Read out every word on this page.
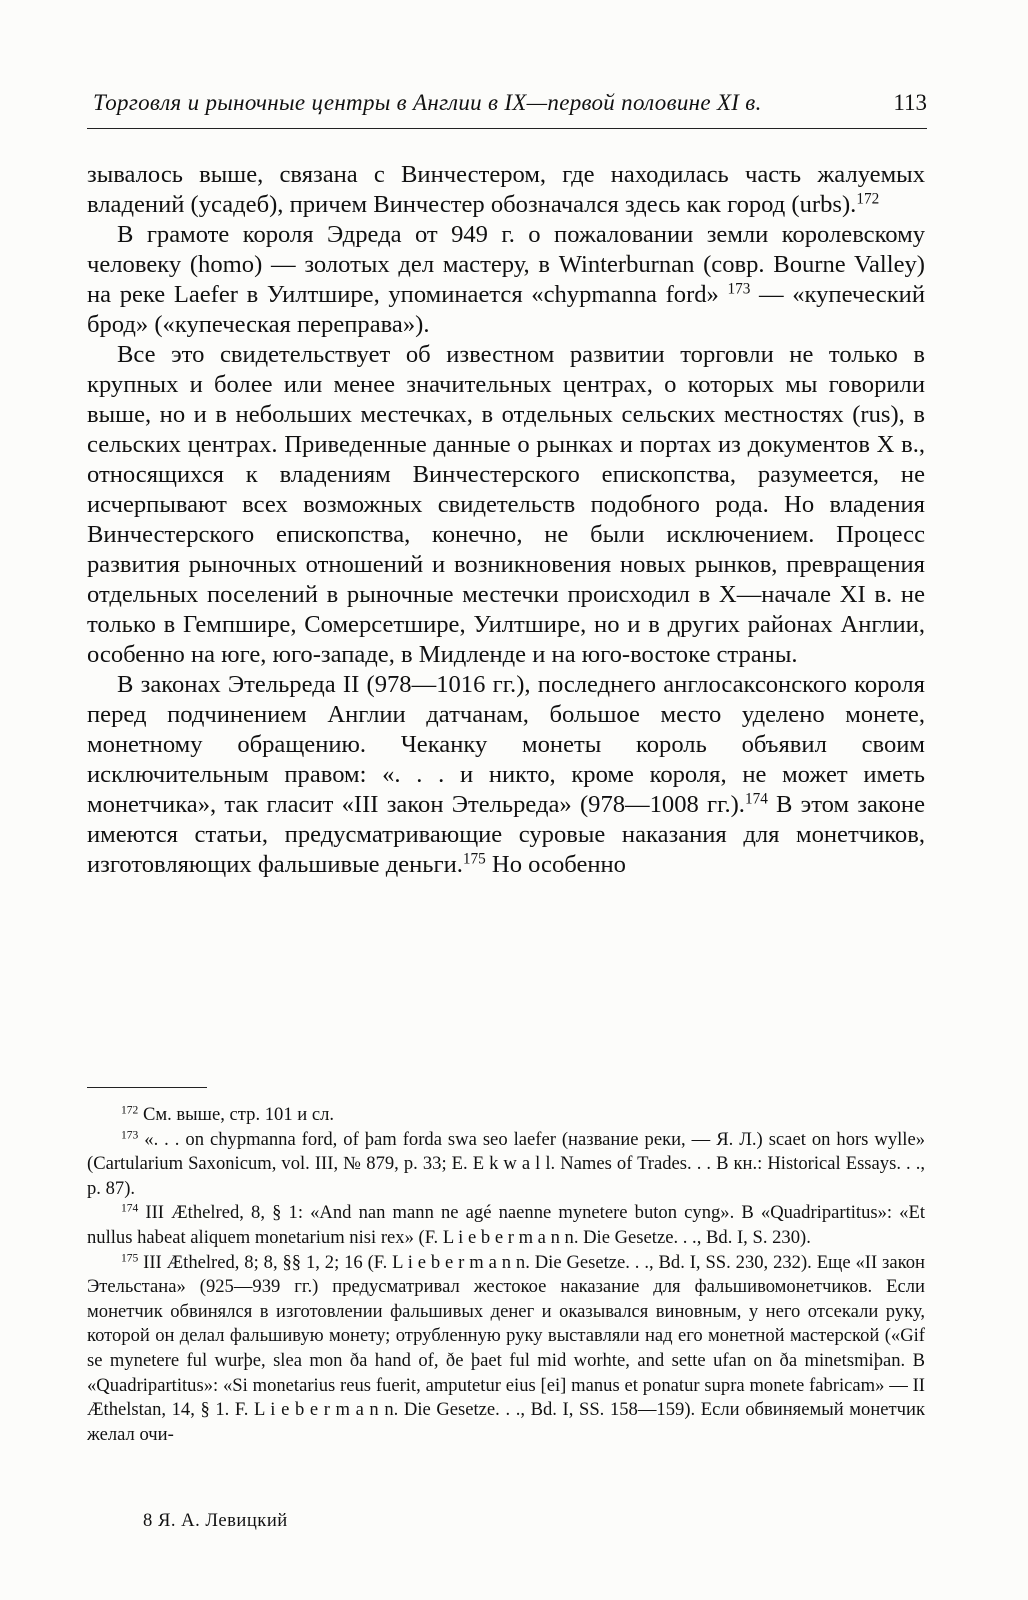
Торговля и рыночные центры в Англии в IX—первой половине XI в.	113

зывалось выше, связана с Винчестером, где находилась часть жалуемых владений (усадеб), причем Винчестер обозначался здесь как город (urbs).$^{172}$

В грамоте короля Эдреда от 949 г. о пожаловании земли королевскому человеку (homo) — золотых дел мастеру, в Winterburnan (совр. Bourne Valley) на реке Laefer в Уилтшире, упоминается «chypmanna ford» $^{173}$ — «купеческий брод» («купеческая переправа»).

Все это свидетельствует об известном развитии торговли не только в крупных и более или менее значительных центрах, о которых мы говорили выше, но и в небольших местечках, в отдельных сельских местностях (rus), в сельских центрах. Приведенные данные о рынках и портах из документов X в., относящихся к владениям Винчестерского епископства, разумеется, не исчерпывают всех возможных свидетельств подобного рода. Но владения Винчестерского епископства, конечно, не были исключением. Процесс развития рыночных отношений и возникновения новых рынков, превращения отдельных поселений в рыночные местечки происходил в X—начале XI в. не только в Гемпшире, Сомерсетшире, Уилтшире, но и в других районах Англии, особенно на юге, юго-западе, в Мидленде и на юго-востоке страны.

В законах Этельреда II (978—1016 гг.), последнего англосаксонского короля перед подчинением Англии датчанам, большое место уделено монете, монетному обращению. Чеканку монеты король объявил своим исключительным правом: «. . . и никто, кроме короля, не может иметь монетчика», так гласит «III закон Этельреда» (978—1008 гг.).$^{174}$ В этом законе имеются статьи, предусматривающие суровые наказания для монетчиков, изготовляющих фальшивые деньги.$^{175}$ Но особенно

$^{172}$ См. выше, стр. 101 и сл.

$^{173}$ «. . . on chypmanna ford, of þam forda swa seo laefer (название реки, — Я. Л.) scaet on hors wylle» (Cartularium Saxonicum, vol. III, № 879, p. 33; E. E k w a l l. Names of Trades. . . В кн.: Historical Essays. . ., p. 87).

$^{174}$ III Æthelred, 8, § 1: «And nan mann ne agé naenne mynetere buton cyng». В «Quadripartitus»: «Et nullus habeat aliquem monetarium nisi rex» (F. L i e b e r m a n n. Die Gesetze. . ., Bd. I, S. 230).

$^{175}$ III Æthelred, 8; 8, §§ 1, 2; 16 (F. L i e b e r m a n n. Die Gesetze. . ., Bd. I, SS. 230, 232). Еще «II закон Этельстана» (925—939 гг.) предусматривал жестокое наказание для фальшивомонетчиков. Если монетчик обвинялся в изготовлении фальшивых денег и оказывался виновным, у него отсекали руку, которой он делал фальшивую монету; отрубленную руку выставляли над его монетной мастерской («Gif se mynetere ful wurþe, slea mon ða hand of, ðe þaet ful mid worhte, and sette ufan on ða minetsmiþan. В «Quadripartitus»: «Si monetarius reus fuerit, amputetur eius [ei] manus et ponatur supra monete fabricam» — II Æthelstan, 14, § 1. F. L i e b e r m a n n. Die Gesetze. . ., Bd. I, SS. 158—159). Если обвиняемый монетчик желал очи-

8 Я. А. Левицкий
